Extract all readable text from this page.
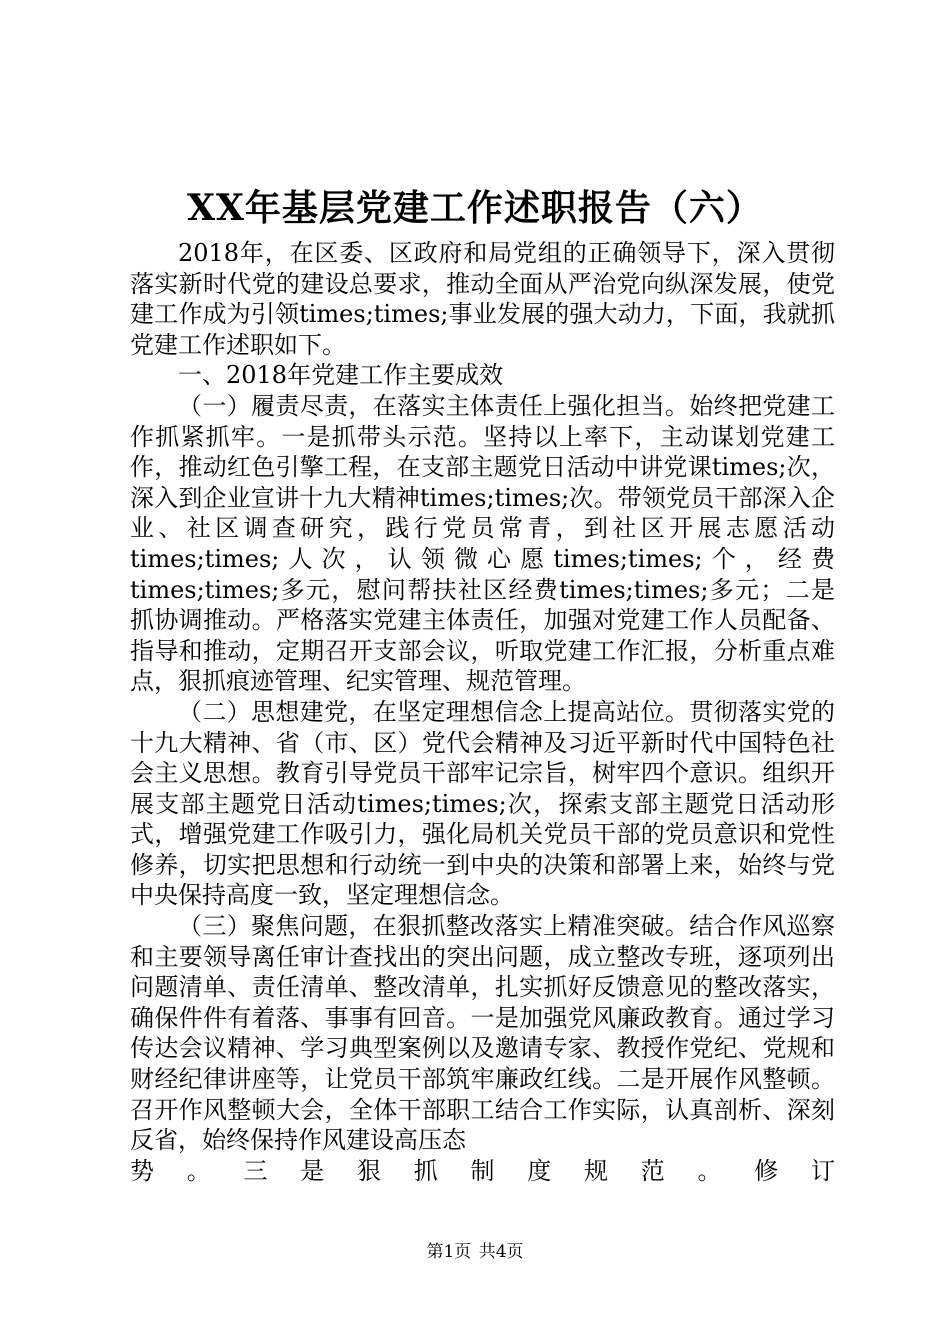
XX年基层党建工作述职报告（六）

2018年，在区委、区政府和局党组的正确领导下，深入贯彻落实新时代党的建设总要求，推动全面从严治党向纵深发展，使党建工作成为引领times;times;事业发展的强大动力，下面，我就抓党建工作述职如下。

一、2018年党建工作主要成效

（一）履责尽责，在落实主体责任上强化担当。始终把党建工作抓紧抓牢。一是抓带头示范。坚持以上率下，主动谋划党建工作，推动红色引擎工程，在支部主题党日活动中讲党课times;次，深入到企业宣讲十九大精神times;times;次。带领党员干部深入企业、社区调查研究，践行党员常青，到社区开展志愿活动times;times;人次，认领微心愿times;times;个，经费times;times;多元，慰问帮扶社区经费times;times;多元；二是抓协调推动。严格落实党建主体责任，加强对党建工作人员配备、指导和推动，定期召开支部会议，听取党建工作汇报，分析重点难点，狠抓痕迹管理、纪实管理、规范管理。

（二）思想建党，在坚定理想信念上提高站位。贯彻落实党的十九大精神、省（市、区）党代会精神及习近平新时代中国特色社会主义思想。教育引导党员干部牢记宗旨，树牢四个意识。组织开展支部主题党日活动times;times;次，探索支部主题党日活动形式，增强党建工作吸引力，强化局机关党员干部的党员意识和党性修养，切实把思想和行动统一到中央的决策和部署上来，始终与党中央保持高度一致，坚定理想信念。

（三）聚焦问题，在狠抓整改落实上精准突破。结合作风巡察和主要领导离任审计查找出的突出问题，成立整改专班，逐项列出问题清单、责任清单、整改清单，扎实抓好反馈意见的整改落实，确保件件有着落、事事有回音。一是加强党风廉政教育。通过学习传达会议精神、学习典型案例以及邀请专家、教授作党纪、党规和财经纪律讲座等，让党员干部筑牢廉政红线。二是开展作风整顿。召开作风整顿大会，全体干部职工结合工作实际，认真剖析、深刻反省，始终保持作风建设高压态

势 。 三 是 狠 抓 制 度 规 范 。 修 订
第1页 共4页
